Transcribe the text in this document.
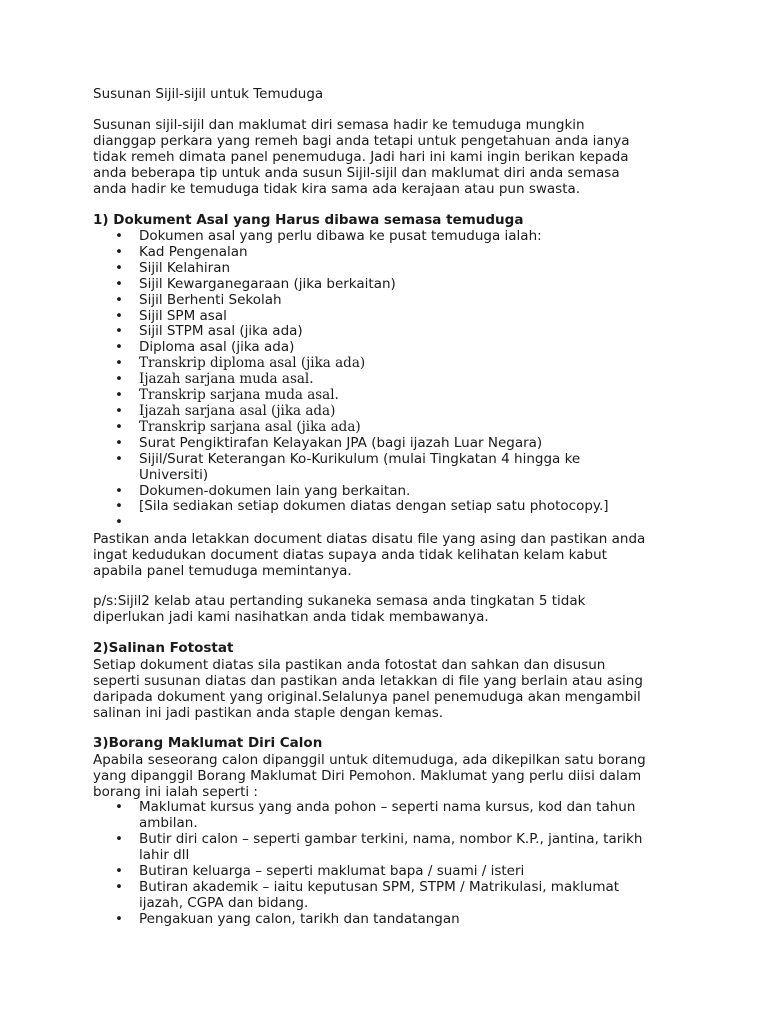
Susunan Sijil-sijil untuk Temuduga

Susunan sijil-sijil dan maklumat diri semasa hadir ke temuduga mungkin

dianggap perkara yang remeh bagi anda tetapi untuk pengetahuan anda ianya

tidak remeh dimata panel penemuduga. Jadi hari ini kami ingin berikan kepada

anda beberapa tip untuk anda susun Sijil-sijil dan maklumat diri anda semasa

anda hadir ke temuduga tidak kira sama ada kerajaan atau pun swasta.

1) Dokument Asal yang Harus dibawa semasa temuduga
• Dokumen asal yang perlu dibawa ke pusat temuduga ialah:
• Kad Pengenalan
• Sijil Kelahiran
• Sijil Kewarganegaraan (jika berkaitan)
• Sijil Berhenti Sekolah
• Sijil SPM asal
• Sijil STPM asal (jika ada)
• Diploma asal (jika ada)
• Transkrip diploma asal (jika ada)
• Ijazah sarjana muda asal.
• Transkrip sarjana muda asal.
• Ijazah sarjana asal (jika ada)
• Transkrip sarjana asal (jika ada)
• Surat Pengiktirafan Kelayakan JPA (bagi ijazah Luar Negara)
• Sijil/Surat Keterangan Ko-Kurikulum (mulai Tingkatan 4 hingga ke
Universiti)
• Dokumen-dokumen lain yang berkaitan.
• [Sila sediakan setiap dokumen diatas dengan setiap satu photocopy.]
•

Pastikan anda letakkan document diatas disatu file yang asing dan pastikan anda

ingat kedudukan document diatas supaya anda tidak kelihatan kelam kabut

apabila panel temuduga memintanya.

p/s:Sijil2 kelab atau pertanding sukaneka semasa anda tingkatan 5 tidak

diperlukan jadi kami nasihatkan anda tidak membawanya.

2)Salinan Fotostat

Setiap dokument diatas sila pastikan anda fotostat dan sahkan dan disusun

seperti susunan diatas dan pastikan anda letakkan di file yang berlain atau asing

daripada dokument yang original.Selalunya panel penemuduga akan mengambil

salinan ini jadi pastikan anda staple dengan kemas.

3)Borang Maklumat Diri Calon

Apabila seseorang calon dipanggil untuk ditemuduga, ada dikepilkan satu borang

yang dipanggil Borang Maklumat Diri Pemohon. Maklumat yang perlu diisi dalam

borang ini ialah seperti :

• Maklumat kursus yang anda pohon – seperti nama kursus, kod dan tahun
ambilan.
• Butir diri calon – seperti gambar terkini, nama, nombor K.P., jantina, tarikh
lahir dll
• Butiran keluarga – seperti maklumat bapa / suami / isteri
• Butiran akademik – iaitu keputusan SPM, STPM / Matrikulasi, maklumat
ijazah, CGPA dan bidang.
• Pengakuan yang calon, tarikh dan tandatangan
